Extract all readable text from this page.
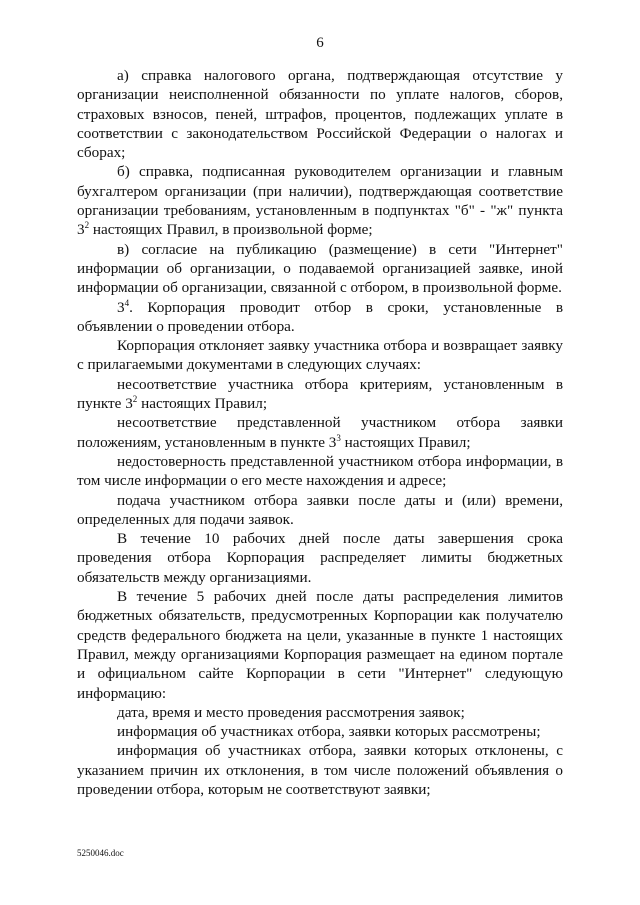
6

а) справка налогового органа, подтверждающая отсутствие у организации неисполненной обязанности по уплате налогов, сборов, страховых взносов, пеней, штрафов, процентов, подлежащих уплате в соответствии с законодательством Российской Федерации о налогах и сборах;

б) справка, подписанная руководителем организации и главным бухгалтером организации (при наличии), подтверждающая соответствие организации требованиям, установленным в подпунктах "б" - "ж" пункта $3^2$ настоящих Правил, в произвольной форме;

в) согласие на публикацию (размещение) в сети "Интернет" информации об организации, о подаваемой организацией заявке, иной информации об организации, связанной с отбором, в произвольной форме.

$3^4$. Корпорация проводит отбор в сроки, установленные в объявлении о проведении отбора.

Корпорация отклоняет заявку участника отбора и возвращает заявку с прилагаемыми документами в следующих случаях:

несоответствие участника отбора критериям, установленным в пункте $3^2$ настоящих Правил;

несоответствие представленной участником отбора заявки положениям, установленным в пункте $3^3$ настоящих Правил;

недостоверность представленной участником отбора информации, в том числе информации о его месте нахождения и адресе;

подача участником отбора заявки после даты и (или) времени, определенных для подачи заявок.

В течение 10 рабочих дней после даты завершения срока проведения отбора Корпорация распределяет лимиты бюджетных обязательств между организациями.

В течение 5 рабочих дней после даты распределения лимитов бюджетных обязательств, предусмотренных Корпорации как получателю средств федерального бюджета на цели, указанные в пункте 1 настоящих Правил, между организациями Корпорация размещает на едином портале и официальном сайте Корпорации в сети "Интернет" следующую информацию:

дата, время и место проведения рассмотрения заявок;

информация об участниках отбора, заявки которых рассмотрены;

информация об участниках отбора, заявки которых отклонены, с указанием причин их отклонения, в том числе положений объявления о проведении отбора, которым не соответствуют заявки;

5250046.doc
